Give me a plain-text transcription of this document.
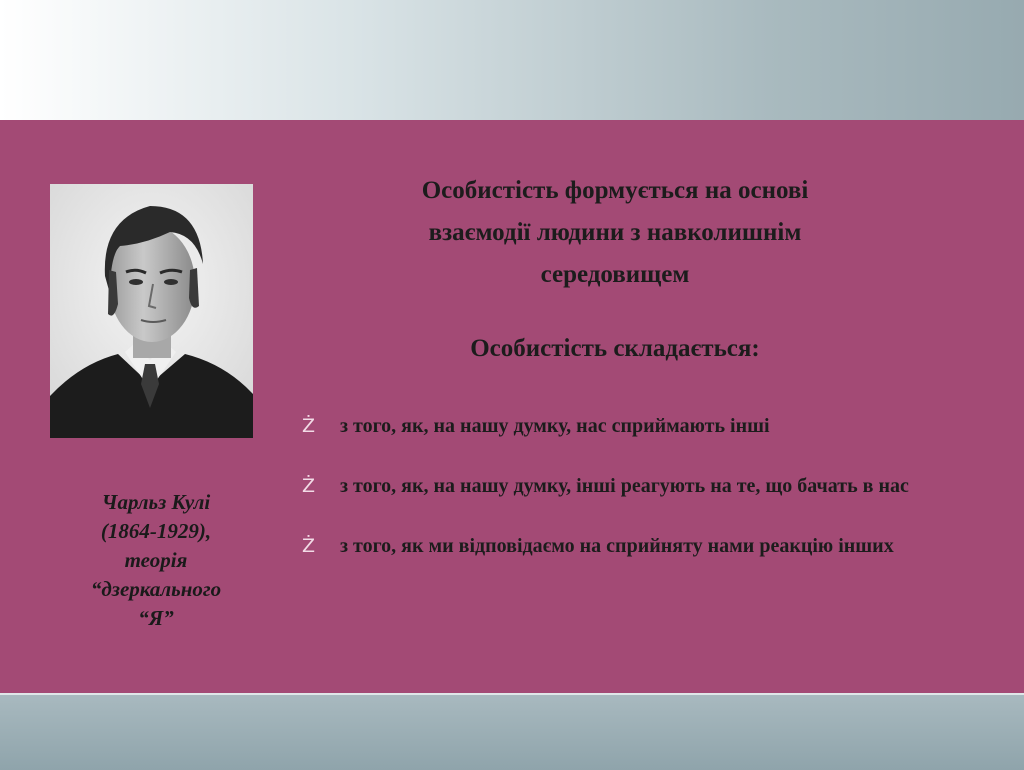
Чарльз Кулі
(1864-1929),
теорія
“дзеркального
“Я”
Особистість формується на основі
взаємодії людини з навколишнім
середовищем
Особистість складається:
Ż з того, як, на нашу думку, нас сприймають інші
Ż з того, як, на нашу думку, інші реагують на те, що бачать в нас
Ż з того, як ми відповідаємо на сприйняту нами реакцію інших
